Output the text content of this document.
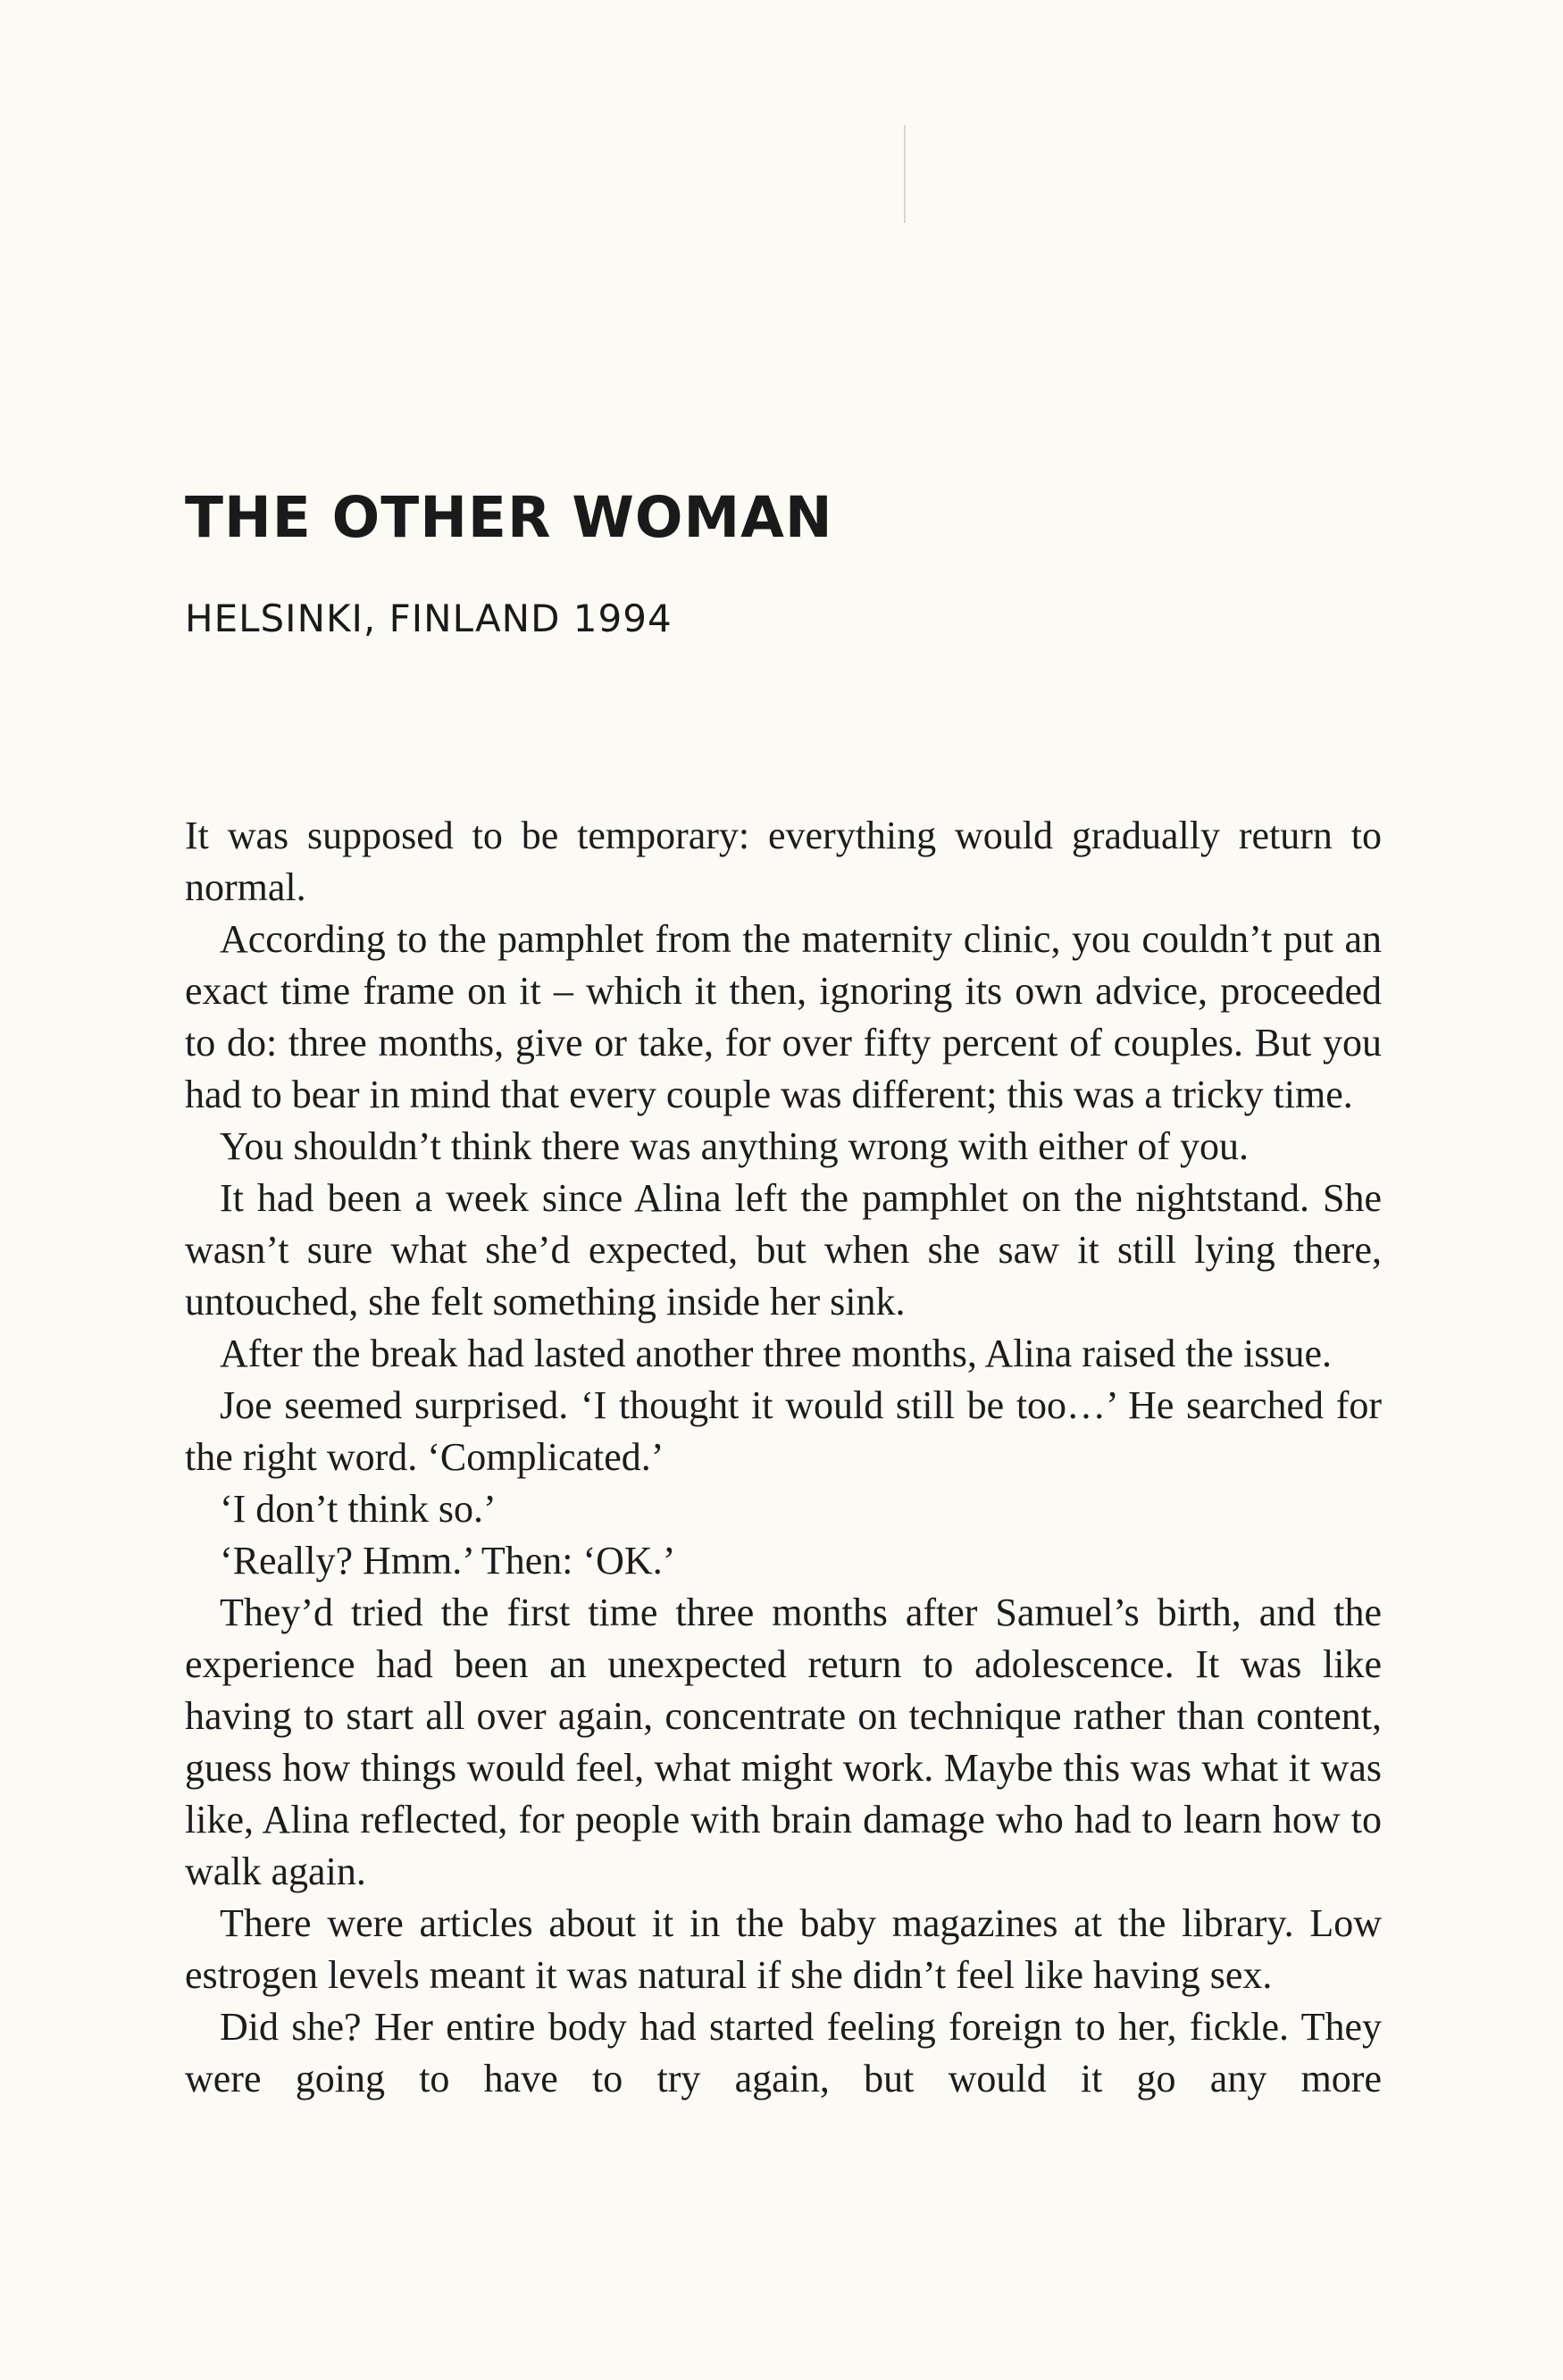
THE OTHER WOMAN
HELSINKI, FINLAND 1994

It was supposed to be temporary: everything would gradually return to normal.

According to the pamphlet from the maternity clinic, you couldn’t put an exact time frame on it – which it then, ignoring its own advice, proceeded to do: three months, give or take, for over fifty percent of couples. But you had to bear in mind that every couple was different; this was a tricky time.

You shouldn’t think there was anything wrong with either of you.

It had been a week since Alina left the pamphlet on the nightstand. She wasn’t sure what she’d expected, but when she saw it still lying there, untouched, she felt something inside her sink.

After the break had lasted another three months, Alina raised the issue.

Joe seemed surprised. ‘I thought it would still be too…’ He searched for the right word. ‘Complicated.’

‘I don’t think so.’

‘Really? Hmm.’ Then: ‘OK.’

They’d tried the first time three months after Samuel’s birth, and the experience had been an unexpected return to adolescence. It was like having to start all over again, concentrate on technique rather than content, guess how things would feel, what might work. Maybe this was what it was like, Alina reflected, for people with brain damage who had to learn how to walk again.

There were articles about it in the baby magazines at the library. Low estrogen levels meant it was natural if she didn’t feel like having sex.

Did she? Her entire body had started feeling foreign to her, fickle. They were going to have to try again, but would it go any more
